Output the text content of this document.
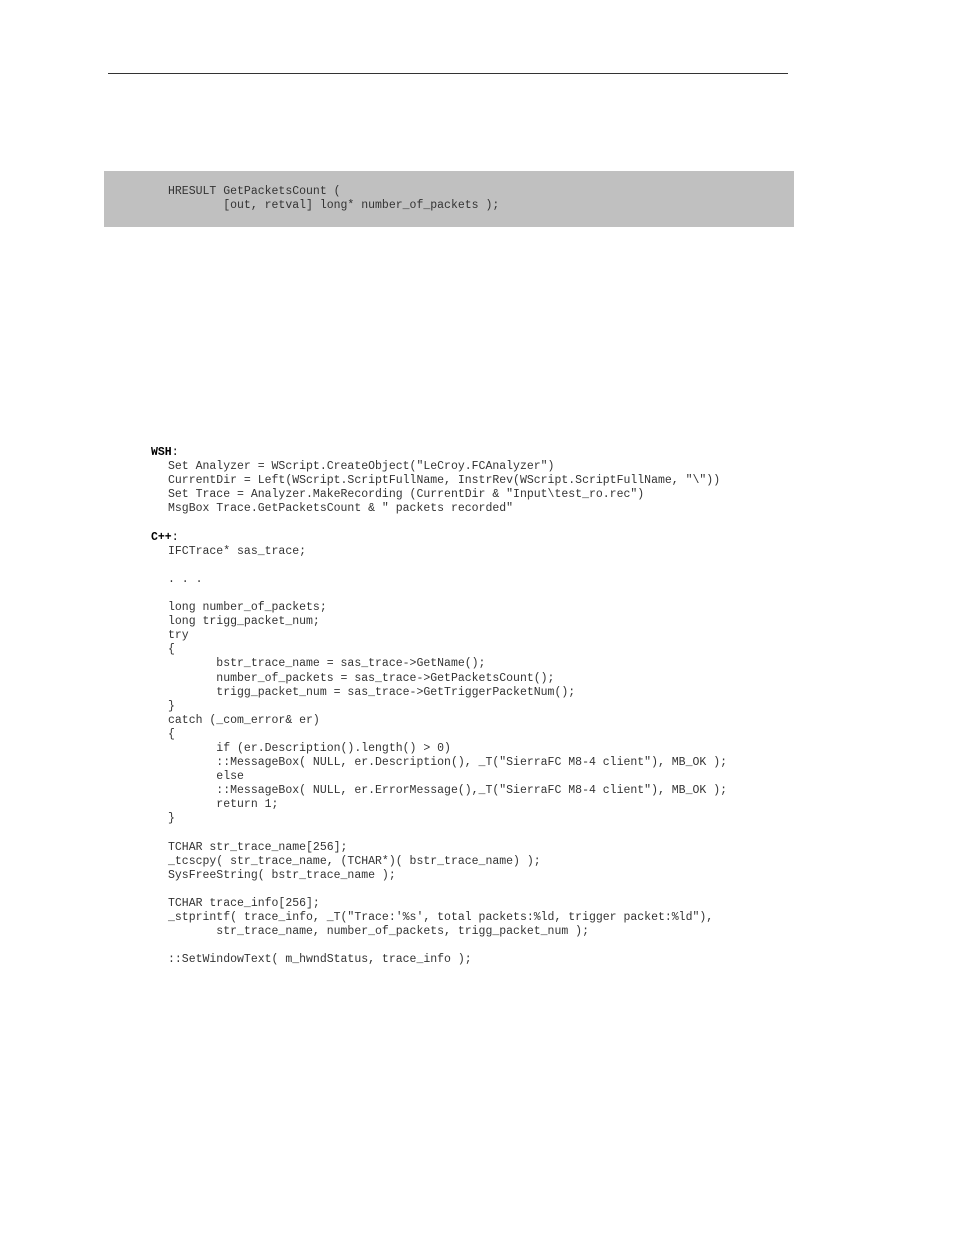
HRESULT GetPacketsCount (
[out, retval] long* number_of_packets );
WSH:
Set Analyzer = WScript.CreateObject("LeCroy.FCAnalyzer")
CurrentDir = Left(WScript.ScriptFullName, InstrRev(WScript.ScriptFullName, "\"))
Set Trace = Analyzer.MakeRecording (CurrentDir & "Input\test_ro.rec")
MsgBox Trace.GetPacketsCount & " packets recorded"
C++:
IFCTrace* sas_trace;

. . .

long number_of_packets;
long trigg_packet_num;
try
{
bstr_trace_name = sas_trace->GetName();
number_of_packets = sas_trace->GetPacketsCount();
trigg_packet_num = sas_trace->GetTriggerPacketNum();
}
catch (_com_error& er)
{
if (er.Description().length() > 0)
::MessageBox( NULL, er.Description(), _T("SierraFC M8-4 client"), MB_OK );
else
::MessageBox( NULL, er.ErrorMessage(),_T("SierraFC M8-4 client"), MB_OK );
return 1;
}

TCHAR str_trace_name[256];
_tcscpy( str_trace_name, (TCHAR*)( bstr_trace_name) );
SysFreeString( bstr_trace_name );

TCHAR trace_info[256];
_stprintf( trace_info, _T("Trace:'%s', total packets:%ld, trigger packet:%ld"),
str_trace_name, number_of_packets, trigg_packet_num );

::SetWindowText( m_hwndStatus, trace_info );
